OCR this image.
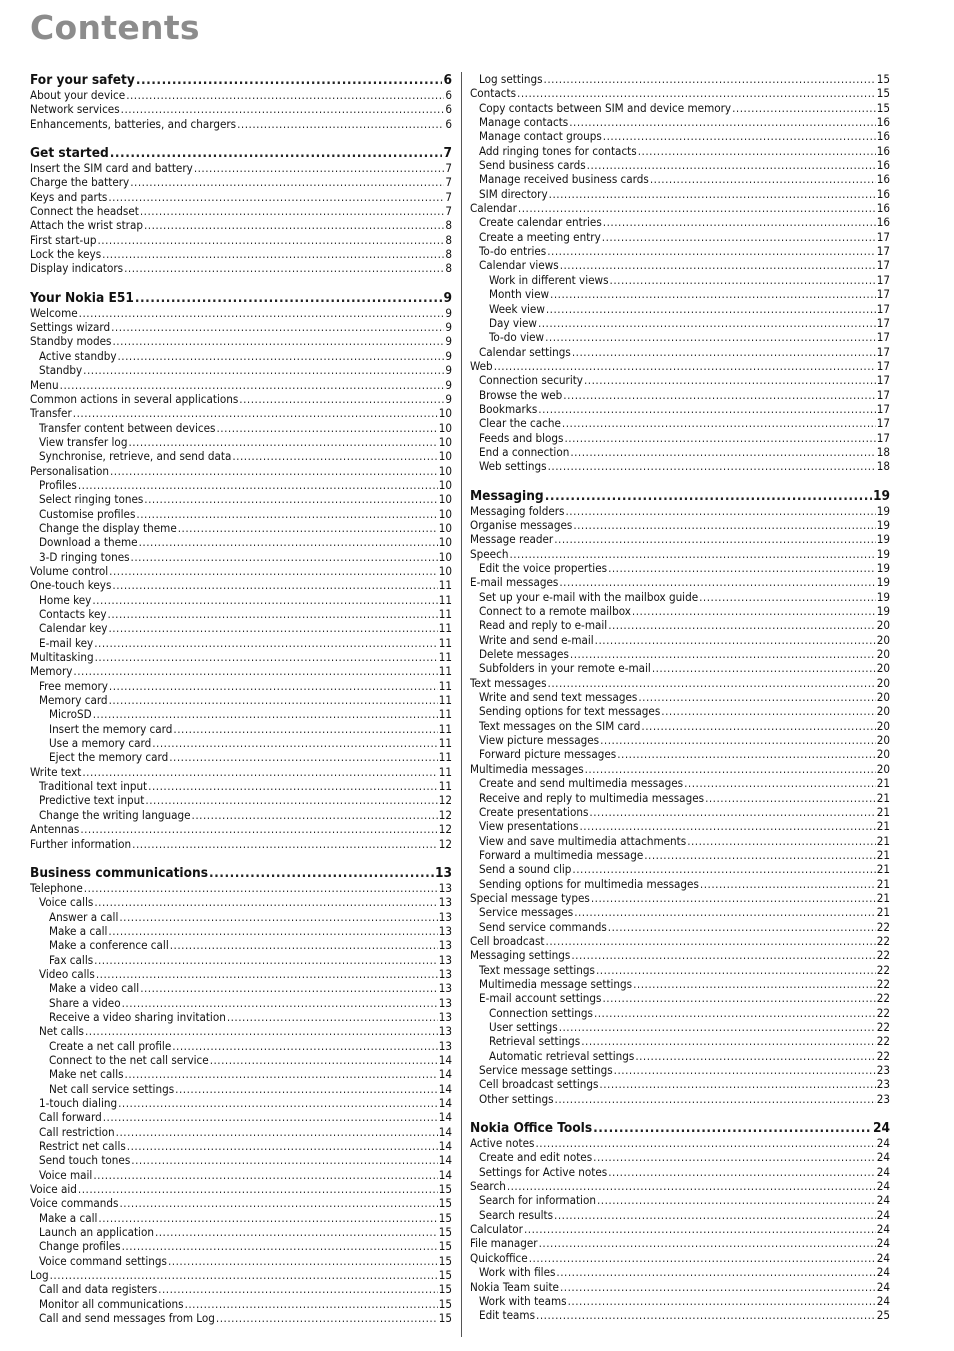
Contents
For your safety .....	6
About your device .....	6
Network services .....	6
Enhancements, batteries, and chargers .....	6
Get started .....	7
Insert the SIM card and battery .....	7
Charge the battery .....	7
Keys and parts .....	7
Connect the headset .....	7
Attach the wrist strap .....	8
First start-up .....	8
Lock the keys .....	8
Display indicators .....	8
Your Nokia E51 .....	9
Welcome .....	9
Settings wizard .....	9
Standby modes .....	9
Active standby .....	9
Standby .....	9
Menu .....	9
Common actions in several applications .....	9
Transfer .....	10
Transfer content between devices .....	10
View transfer log .....	10
Synchronise, retrieve, and send data .....	10
Personalisation .....	10
Profiles .....	10
Select ringing tones .....	10
Customise profiles .....	10
Change the display theme .....	10
Download a theme .....	10
3-D ringing tones .....	10
Volume control .....	10
One-touch keys .....	11
Home key .....	11
Contacts key .....	11
Calendar key .....	11
E-mail key .....	11
Multitasking .....	11
Memory .....	11
Free memory .....	11
Memory card .....	11
MicroSD .....	11
Insert the memory card .....	11
Use a memory card .....	11
Eject the memory card .....	11
Write text .....	11
Traditional text input .....	11
Predictive text input .....	12
Change the writing language .....	12
Antennas .....	12
Further information .....	12
Business communications .....	13
Telephone .....	13
Voice calls .....	13
Answer a call .....	13
Make a call .....	13
Make a conference call .....	13
Fax calls .....	13
Video calls .....	13
Make a video call .....	13
Share a video .....	13
Receive a video sharing invitation .....	13
Net calls .....	13
Create a net call profile .....	13
Connect to the net call service .....	14
Make net calls .....	14
Net call service settings .....	14
1-touch dialing .....	14
Call forward .....	14
Call restriction .....	14
Restrict net calls .....	14
Send touch tones .....	14
Voice mail .....	14
Voice aid .....	15
Voice commands .....	15
Make a call .....	15
Launch an application .....	15
Change profiles .....	15
Voice command settings .....	15
Log .....	15
Call and data registers .....	15
Monitor all communications .....	15
Call and send messages from Log .....	15
Log settings .....	15
Contacts .....	15
Copy contacts between SIM and device memory .....	15
Manage contacts .....	16
Manage contact groups .....	16
Add ringing tones for contacts .....	16
Send business cards .....	16
Manage received business cards .....	16
SIM directory .....	16
Calendar .....	16
Create calendar entries .....	16
Create a meeting entry .....	17
To-do entries .....	17
Calendar views .....	17
Work in different views .....	17
Month view .....	17
Week view .....	17
Day view .....	17
To-do view .....	17
Calendar settings .....	17
Web .....	17
Connection security .....	17
Browse the web .....	17
Bookmarks .....	17
Clear the cache .....	17
Feeds and blogs .....	17
End a connection .....	18
Web settings .....	18
Messaging .....	19
Messaging folders .....	19
Organise messages .....	19
Message reader .....	19
Speech .....	19
Edit the voice properties .....	19
E-mail messages .....	19
Set up your e-mail with the mailbox guide .....	19
Connect to a remote mailbox .....	19
Read and reply to e-mail .....	20
Write and send e-mail .....	20
Delete messages .....	20
Subfolders in your remote e-mail .....	20
Text messages .....	20
Write and send text messages .....	20
Sending options for text messages .....	20
Text messages on the SIM card .....	20
View picture messages .....	20
Forward picture messages .....	20
Multimedia messages .....	20
Create and send multimedia messages .....	21
Receive and reply to multimedia messages .....	21
Create presentations .....	21
View presentations .....	21
View and save multimedia attachments .....	21
Forward a multimedia message .....	21
Send a sound clip .....	21
Sending options for multimedia messages .....	21
Special message types .....	21
Service messages .....	21
Send service commands .....	22
Cell broadcast .....	22
Messaging settings .....	22
Text message settings .....	22
Multimedia message settings .....	22
E-mail account settings .....	22
Connection settings .....	22
User settings .....	22
Retrieval settings .....	22
Automatic retrieval settings .....	22
Service message settings .....	23
Cell broadcast settings .....	23
Other settings .....	23
Nokia Office Tools .....	24
Active notes .....	24
Create and edit notes .....	24
Settings for Active notes .....	24
Search .....	24
Search for information .....	24
Search results .....	24
Calculator .....	24
File manager .....	24
Quickoffice .....	24
Work with files .....	24
Nokia Team suite .....	24
Work with teams .....	24
Edit teams .....	25
